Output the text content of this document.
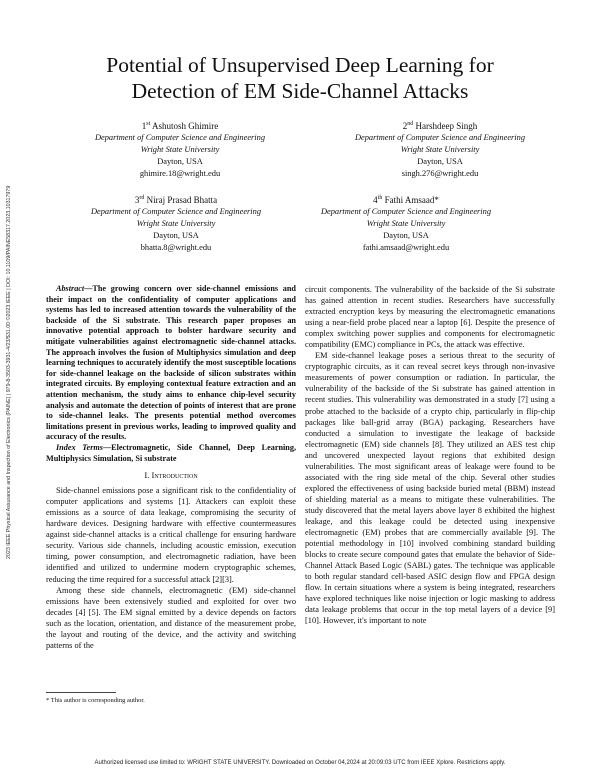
Potential of Unsupervised Deep Learning for
Detection of EM Side-Channel Attacks
1st Ashutosh Ghimire
Department of Computer Science and Engineering
Wright State University
Dayton, USA
ghimire.18@wright.edu
2nd Harshdeep Singh
Department of Computer Science and Engineering
Wright State University
Dayton, USA
singh.276@wright.edu
3rd Niraj Prasad Bhatta
Department of Computer Science and Engineering
Wright State University
Dayton, USA
bhatta.8@wright.edu
4th Fathi Amsaad*
Department of Computer Science and Engineering
Wright State University
Dayton, USA
fathi.amsaad@wright.edu
2023 IEEE Physical Assurance and Inspection of Electronics (PAINE) | 979-8-3503-3931-4/23/$31.00 ©2023 IEEE | DOI: 10.1109/PAINE58317.2023.10317979	Abstract—The growing concern over side-channel emissions and their impact on the confidentiality of computer applications and systems has led to increased attention towards the vulnerability of the backside of the Si substrate. This research paper proposes an innovative potential approach to bolster hardware security and mitigate vulnerabilities against electromagnetic side-channel attacks. The approach involves the fusion of Multiphysics simulation and deep learning techniques to accurately identify the most susceptible locations for side-channel leakage on the backside of silicon substrates within integrated circuits. By employing contextual feature extraction and an attention mechanism, the study aims to enhance chip-level security analysis and automate the detection of points of interest that are prone to side-channel leaks. The presents potential method overcomes limitations present in previous works, leading to improved quality and accuracy of the results.

Index Terms—Electromagnetic, Side Channel, Deep Learning, Multiphysics Simulation, Si substrate

I. Introduction

Side-channel emissions pose a significant risk to the confidentiality of computer applications and systems [1]. Attackers can exploit these emissions as a source of data leakage, compromising the security of hardware devices. Designing hardware with effective countermeasures against side-channel attacks is a critical challenge for ensuring hardware security. Various side channels, including acoustic emission, execution timing, power consumption, and electromagnetic radiation, have been identified and utilized to undermine modern cryptographic schemes, reducing the time required for a successful attack [2][3].

Among these side channels, electromagnetic (EM) side-channel emissions have been extensively studied and exploited for over two decades [4] [5]. The EM signal emitted by a device depends on factors such as the location, orientation, and distance of the measurement probe, the layout and routing of the device, and the activity and switching patterns of the

* This author is corresponding author.

circuit components. The vulnerability of the backside of the Si substrate has gained attention in recent studies. Researchers have successfully extracted encryption keys by measuring the electromagnetic emanations using a near-field probe placed near a laptop [6]. Despite the presence of complex switching power supplies and components for electromagnetic compatibility (EMC) compliance in PCs, the attack was effective.

EM side-channel leakage poses a serious threat to the security of cryptographic circuits, as it can reveal secret keys through non-invasive measurements of power consumption or radiation. In particular, the vulnerability of the backside of the Si substrate has gained attention in recent studies. This vulnerability was demonstrated in a study [7] using a probe attached to the backside of a crypto chip, particularly in flip-chip packages like ball-grid array (BGA) packaging. Researchers have conducted a simulation to investigate the leakage of backside electromagnetic (EM) side channels [8]. They utilized an AES test chip and uncovered unexpected layout regions that exhibited design vulnerabilities. The most significant areas of leakage were found to be associated with the ring side metal of the chip. Several other studies explored the effectiveness of using backside buried metal (BBM) instead of shielding material as a means to mitigate these vulnerabilities. The study discovered that the metal layers above layer 8 exhibited the highest leakage, and this leakage could be detected using inexpensive electromagnetic (EM) probes that are commercially available [9]. The potential methodology in [10] involved combining standard building blocks to create secure compound gates that emulate the behavior of Side-Channel Attack Based Logic (SABL) gates. The technique was applicable to both regular standard cell-based ASIC design flow and FPGA design flow. In certain situations where a system is being integrated, researchers have explored techniques like noise injection or logic masking to address data leakage problems that occur in the top metal layers of a device [9] [10]. However, it's important to note

Authorized licensed use limited to: WRIGHT STATE UNIVERSITY. Downloaded on October 04,2024 at 20:09:03 UTC from IEEE Xplore. Restrictions apply.
